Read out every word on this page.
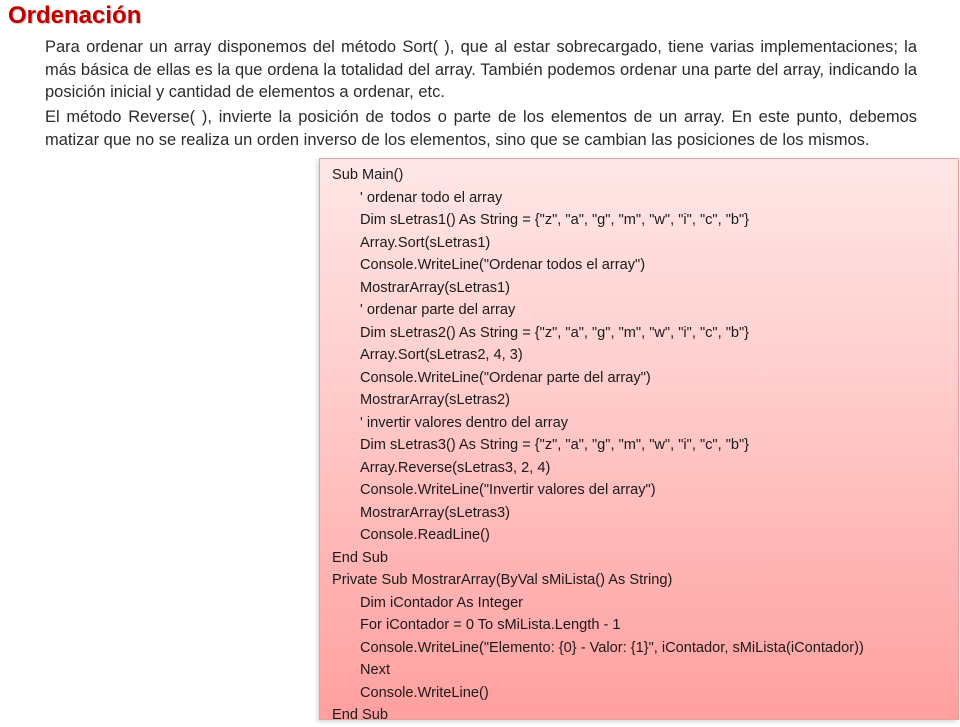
Ordenación
Para ordenar un array disponemos del método Sort( ), que al estar sobrecargado, tiene varias implementaciones; la más básica de ellas es la que ordena la totalidad del array. También podemos ordenar una parte del array, indicando la posición inicial y cantidad de elementos a ordenar, etc.
El método Reverse( ), invierte la posición de todos o parte de los elementos de un array. En este punto, debemos matizar que no se realiza un orden inverso de los elementos, sino que se cambian las posiciones de los mismos.
Sub Main()
' ordenar todo el array
Dim sLetras1() As String = {"z", "a", "g", "m", "w", "i", "c", "b"}
Array.Sort(sLetras1)
Console.WriteLine("Ordenar todos el array")
MostrarArray(sLetras1)
' ordenar parte del array
Dim sLetras2() As String = {"z", "a", "g", "m", "w", "i", "c", "b"}
Array.Sort(sLetras2, 4, 3)
Console.WriteLine("Ordenar parte del array")
MostrarArray(sLetras2)
' invertir valores dentro del array
Dim sLetras3() As String = {"z", "a", "g", "m", "w", "i", "c", "b"}
Array.Reverse(sLetras3, 2, 4)
Console.WriteLine("Invertir valores del array")
MostrarArray(sLetras3)
Console.ReadLine()
End Sub
Private Sub MostrarArray(ByVal sMiLista() As String)
Dim iContador As Integer
For iContador = 0 To sMiLista.Length - 1
Console.WriteLine("Elemento: {0} - Valor: {1}", iContador, sMiLista(iContador))
Next
Console.WriteLine()
End Sub
